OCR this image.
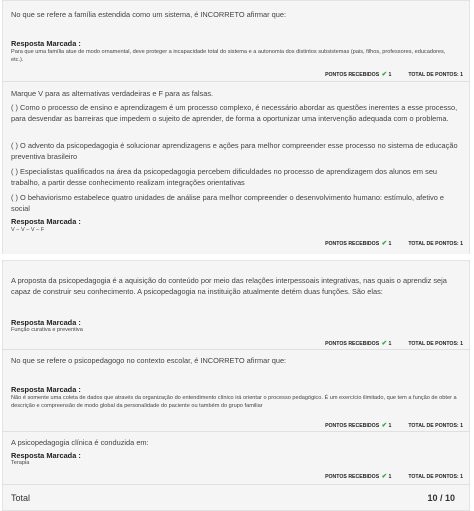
No que se refere a família estendida como um sistema, é INCORRETO afirmar que:
Resposta Marcada :
Para que uma família atue de modo ornamental, deve proteger a incapacidade total do sistema e a autonomia dos distintos subsistemas (pais, filhos, professores, educadores, etc.).
PONTOS RECEBIDOS ✔ 1	TOTAL DE PONTOS: 1
Marque V para as alternativas verdadeiras e F para as falsas.
( ) Como o processo de ensino e aprendizagem é um processo complexo, é necessário abordar as questões inerentes a esse processo, para desvendar as barreiras que impedem o sujeito de aprender, de forma a oportunizar uma intervenção adequada com o problema.
( ) O advento da psicopedagogia é solucionar aprendizagens e ações para melhor compreender esse processo no sistema de educação preventiva brasileiro
( ) Especialistas qualificados na área da psicopedagogia percebem dificuldades no processo de aprendizagem dos alunos em seu trabalho, a partir desse conhecimento realizam integrações orientativas
( ) O behaviorismo estabelece quatro unidades de análise para melhor compreender o desenvolvimento humano: estímulo, afetivo e social
Resposta Marcada :
V – V – V – F
PONTOS RECEBIDOS ✔ 1	TOTAL DE PONTOS: 1
A proposta da psicopedagogia é a aquisição do conteúdo por meio das relações interpessoais integrativas, nas quais o aprendiz seja capaz de construir seu conhecimento. A psicopedagogia na instituição atualmente detém duas funções. São elas:
Resposta Marcada :
Função curativa e preventiva
PONTOS RECEBIDOS ✔ 1	TOTAL DE PONTOS: 1
No que se refere o psicopedagogo no contexto escolar, é INCORRETO afirmar que:
Resposta Marcada :
Não é somente uma coleta de dados que através da organização do entendimento clínico irá orientar o processo pedagógico. É um exercício ilimitado, que tem a função de obter a descrição e compreensão de modo global da personalidade do paciente ou também do grupo familiar
PONTOS RECEBIDOS ✔ 1	TOTAL DE PONTOS: 1
A psicopedagogia clínica é conduzida em:
Resposta Marcada :
Terapia
PONTOS RECEBIDOS ✔ 1	TOTAL DE PONTOS: 1
Total	10 / 10
